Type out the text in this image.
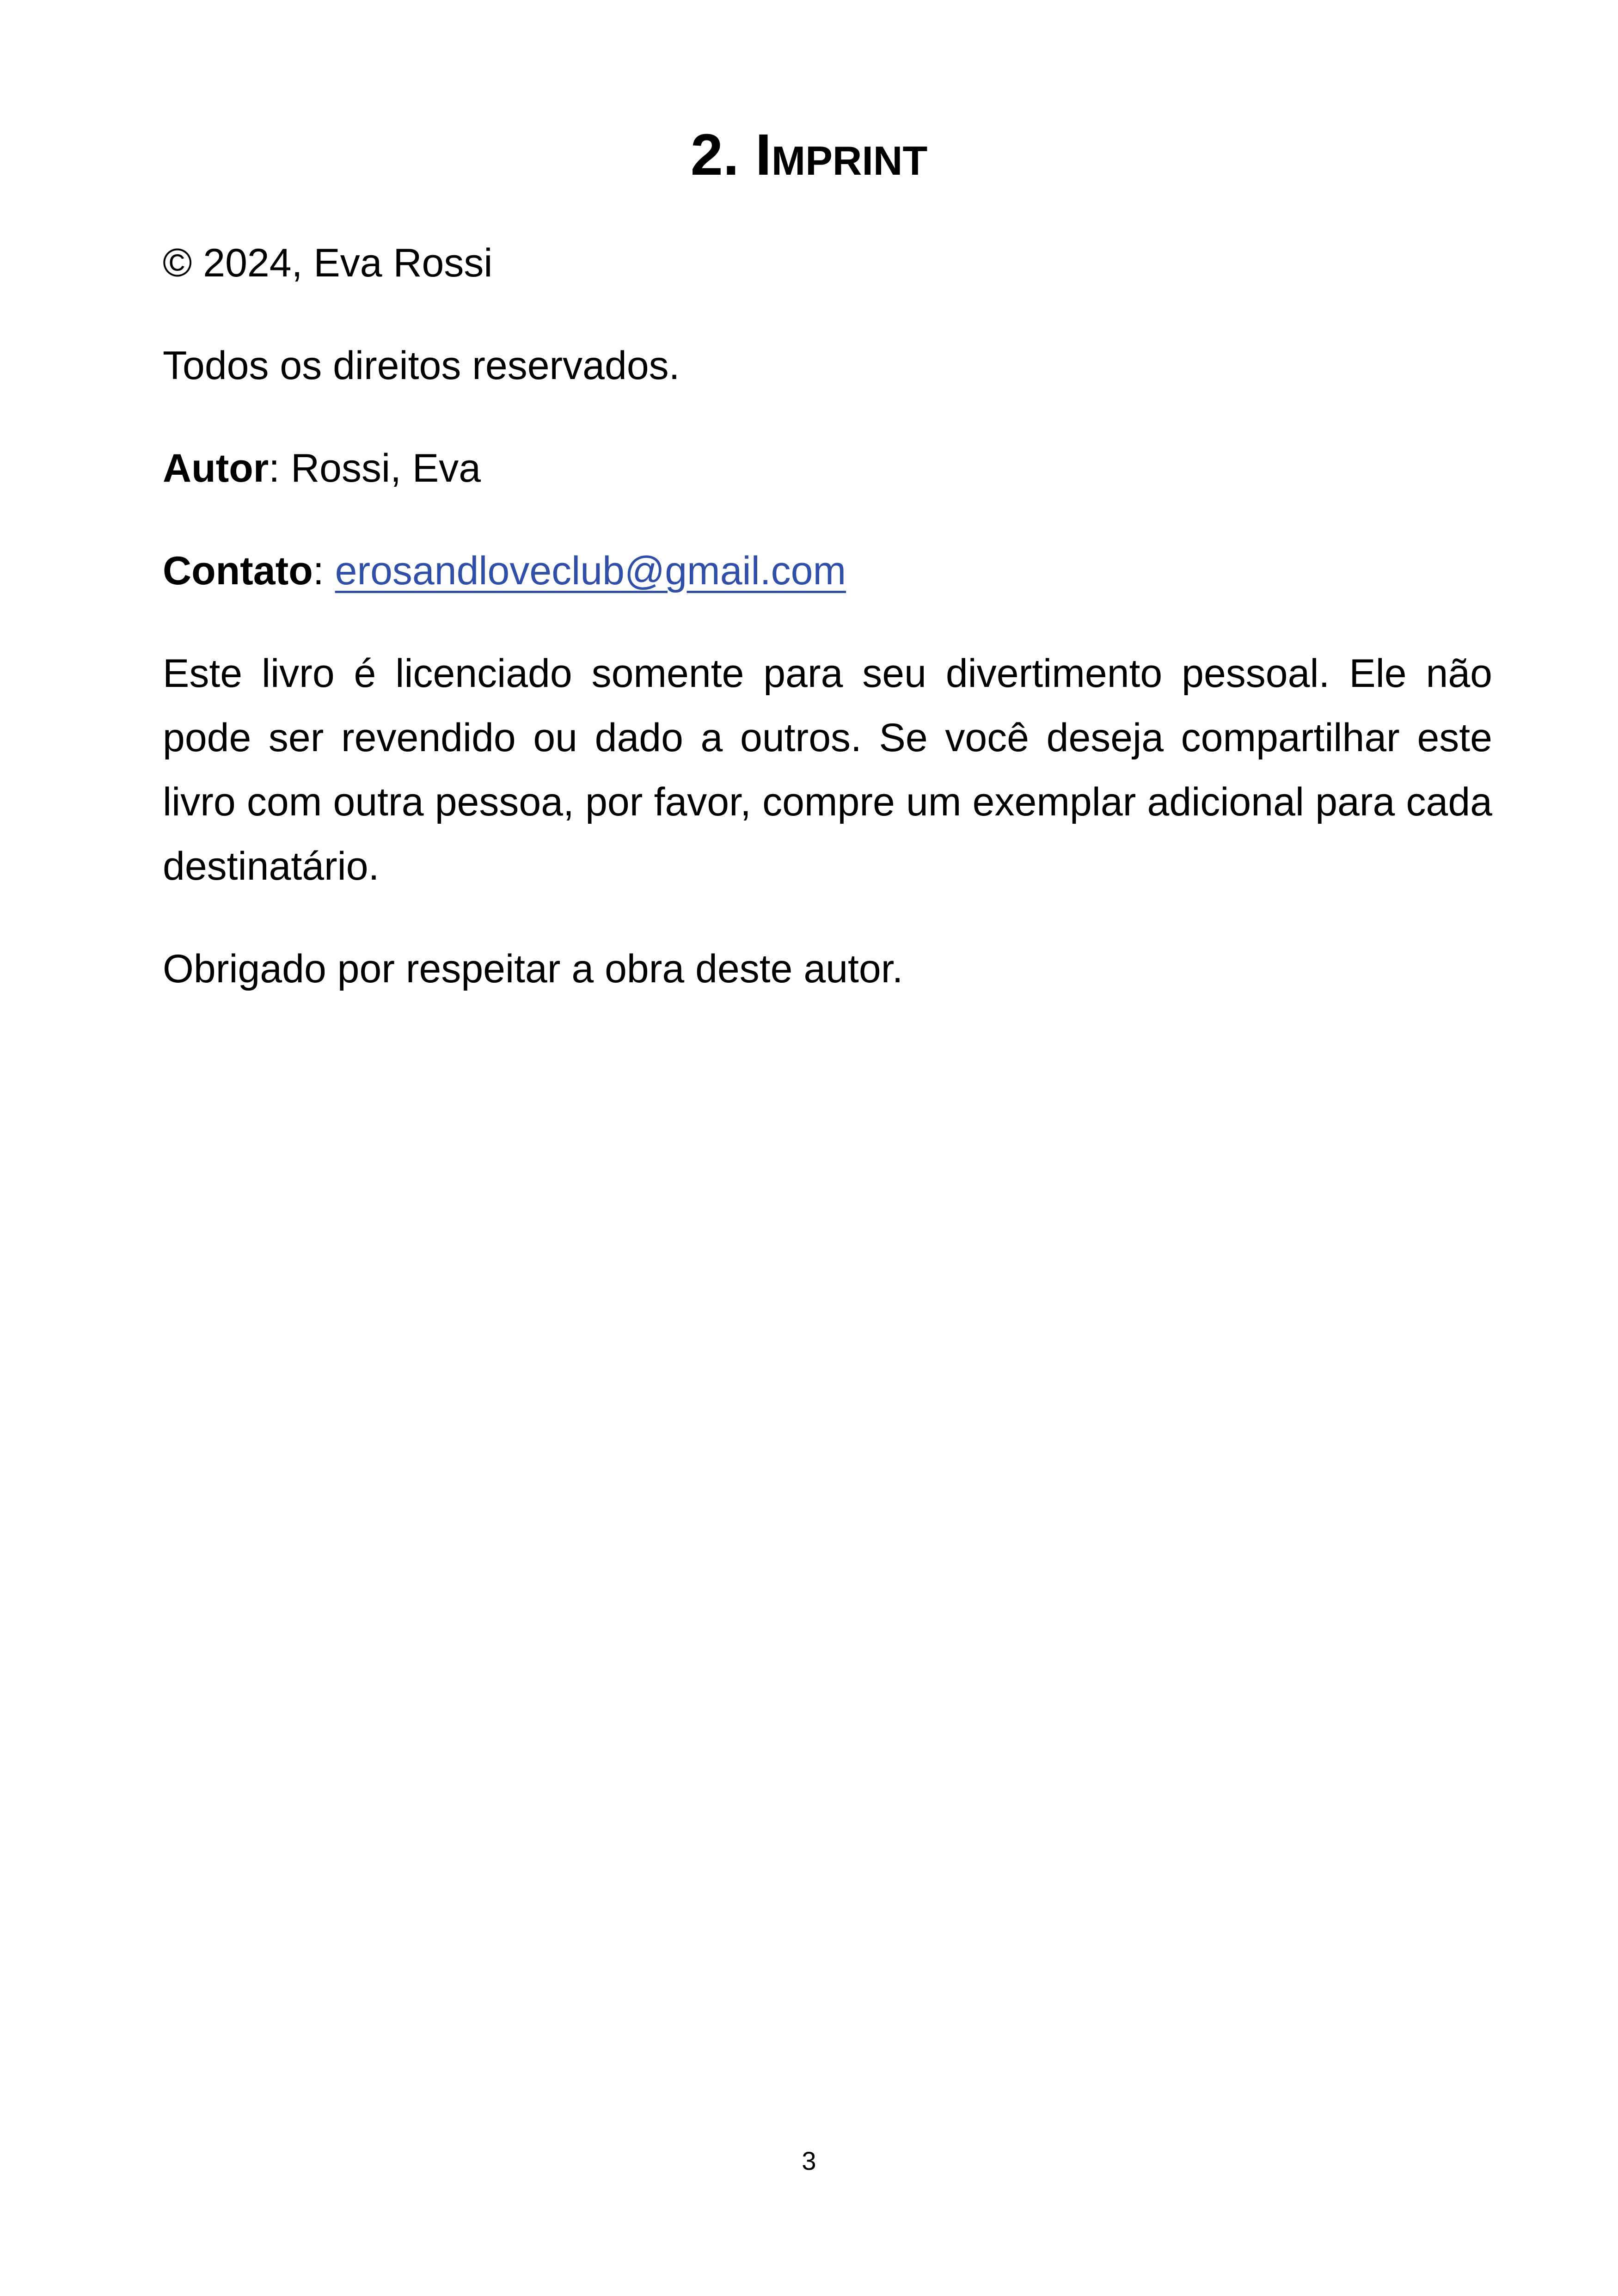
2. Imprint

© 2024, Eva Rossi

Todos os direitos reservados.

Autor: Rossi, Eva

Contato: erosandloveclub@gmail.com

Este livro é licenciado somente para seu divertimento pessoal. Ele não pode ser revendido ou dado a outros. Se você deseja compartilhar este livro com outra pessoa, por favor, compre um exemplar adicional para cada destinatário.

Obrigado por respeitar a obra deste autor.

3
